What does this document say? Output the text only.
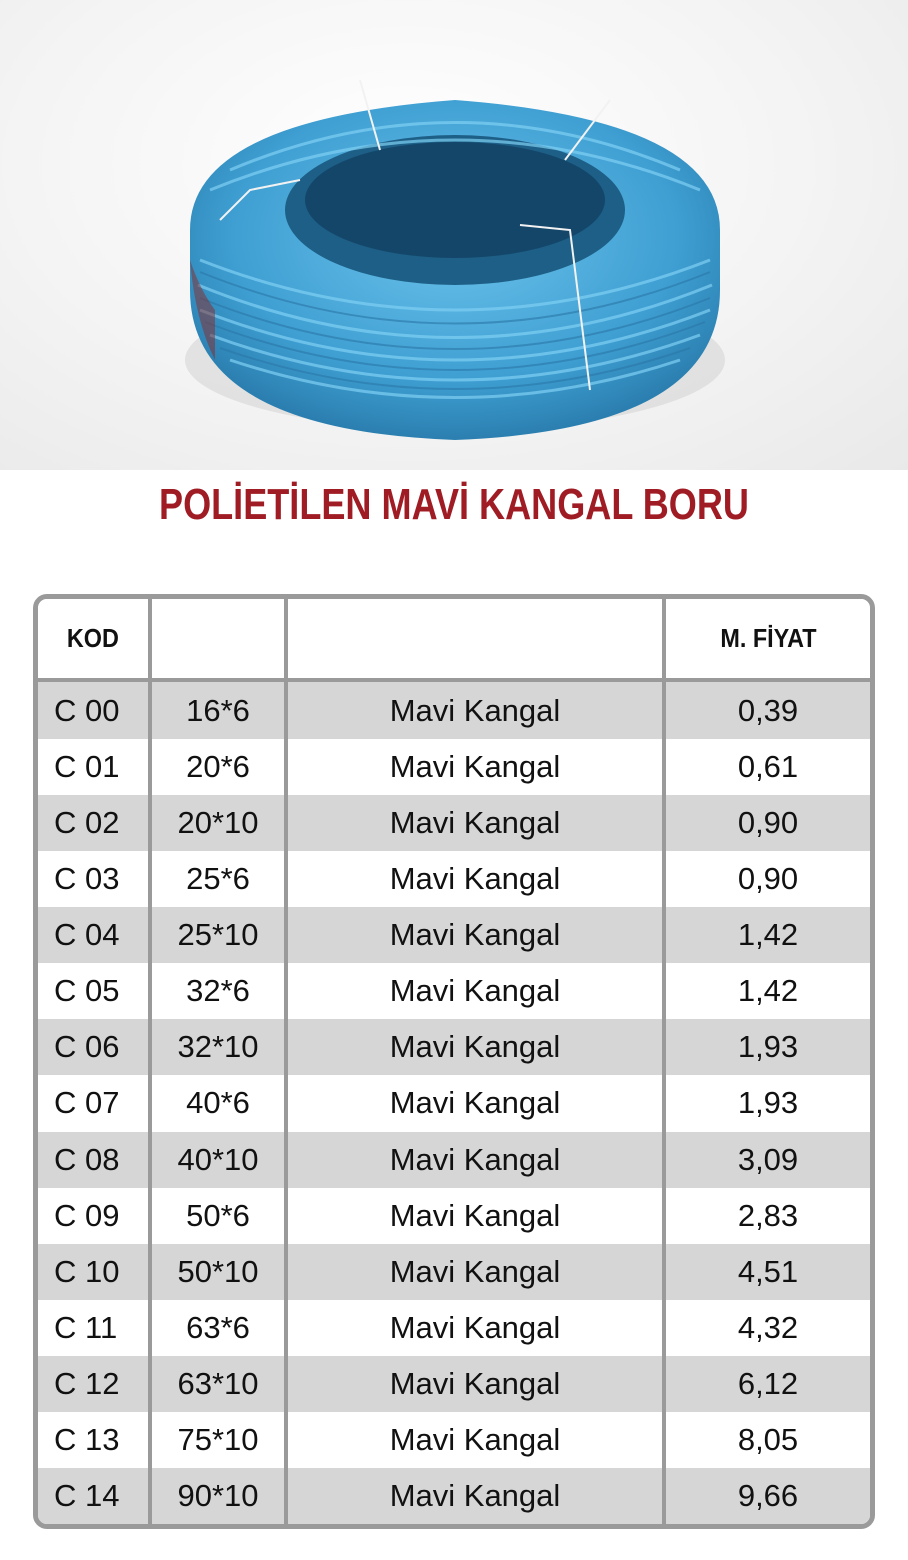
POLİETİLEN MAVİ KANGAL BORU
KOD			M. FİYAT
C 00	16*6	Mavi Kangal	0,39
C 01	20*6	Mavi Kangal	0,61
C 02	20*10	Mavi Kangal	0,90
C 03	25*6	Mavi Kangal	0,90
C 04	25*10	Mavi Kangal	1,42
C 05	32*6	Mavi Kangal	1,42
C 06	32*10	Mavi Kangal	1,93
C 07	40*6	Mavi Kangal	1,93
C 08	40*10	Mavi Kangal	3,09
C 09	50*6	Mavi Kangal	2,83
C 10	50*10	Mavi Kangal	4,51
C 11	63*6	Mavi Kangal	4,32
C 12	63*10	Mavi Kangal	6,12
C 13	75*10	Mavi Kangal	8,05
C 14	90*10	Mavi Kangal	9,66
